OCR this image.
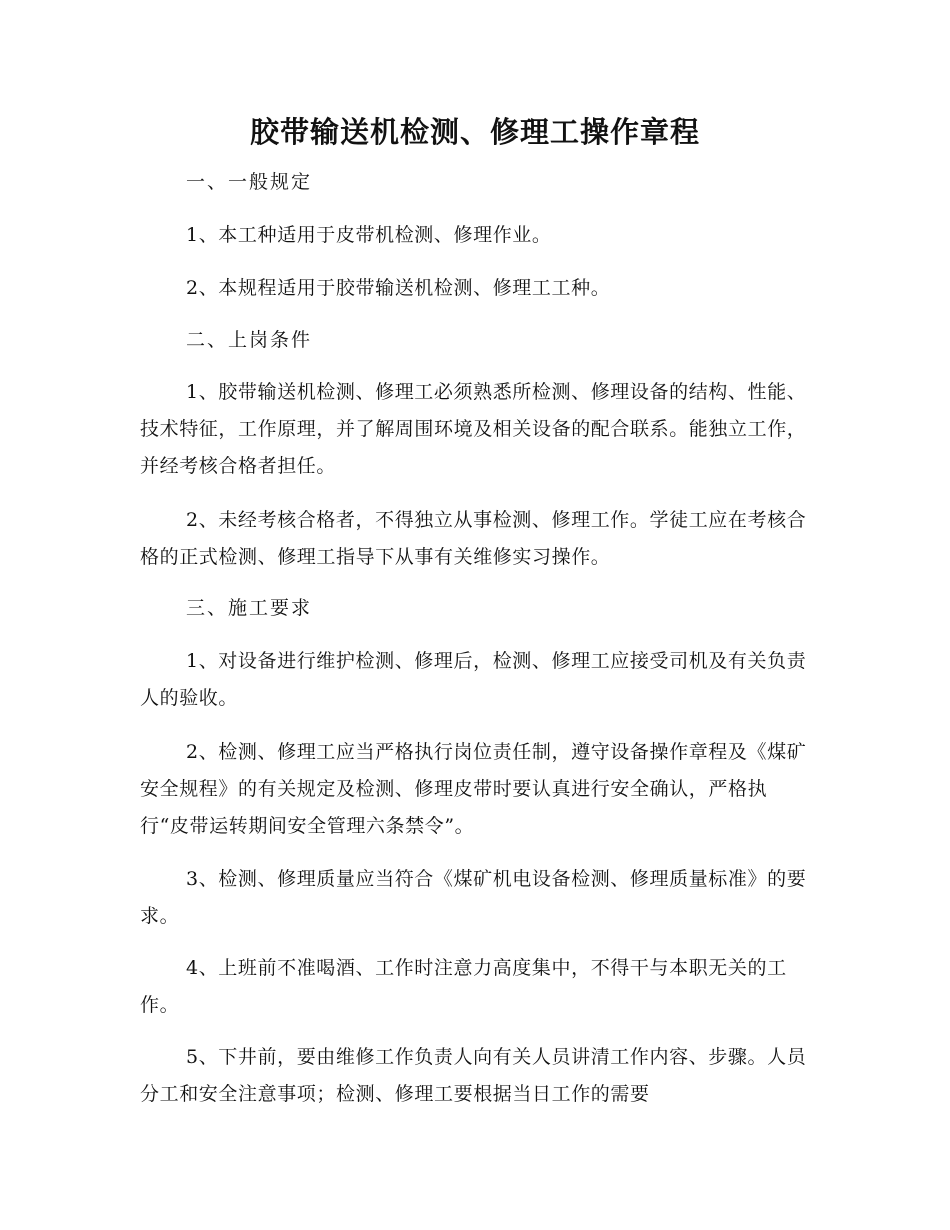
胶带输送机检测、修理工操作章程

一、一般规定

1、本工种适用于皮带机检测、修理作业。

2、本规程适用于胶带输送机检测、修理工工种。

二、上岗条件

1、胶带输送机检测、修理工必须熟悉所检测、修理设备的结构、性能、技术特征，工作原理，并了解周围环境及相关设备的配合联系。能独立工作，并经考核合格者担任。

2、未经考核合格者，不得独立从事检测、修理工作。学徒工应在考核合格的正式检测、修理工指导下从事有关维修实习操作。

三、施工要求

1、对设备进行维护检测、修理后，检测、修理工应接受司机及有关负责人的验收。

2、检测、修理工应当严格执行岗位责任制，遵守设备操作章程及《煤矿安全规程》的有关规定及检测、修理皮带时要认真进行安全确认，严格执行“皮带运转期间安全管理六条禁令”。

3、检测、修理质量应当符合《煤矿机电设备检测、修理质量标准》的要求。

4、上班前不准喝酒、工作时注意力高度集中，不得干与本职无关的工作。

5、下井前，要由维修工作负责人向有关人员讲清工作内容、步骤。人员分工和安全注意事项；检测、修理工要根据当日工作的需要
